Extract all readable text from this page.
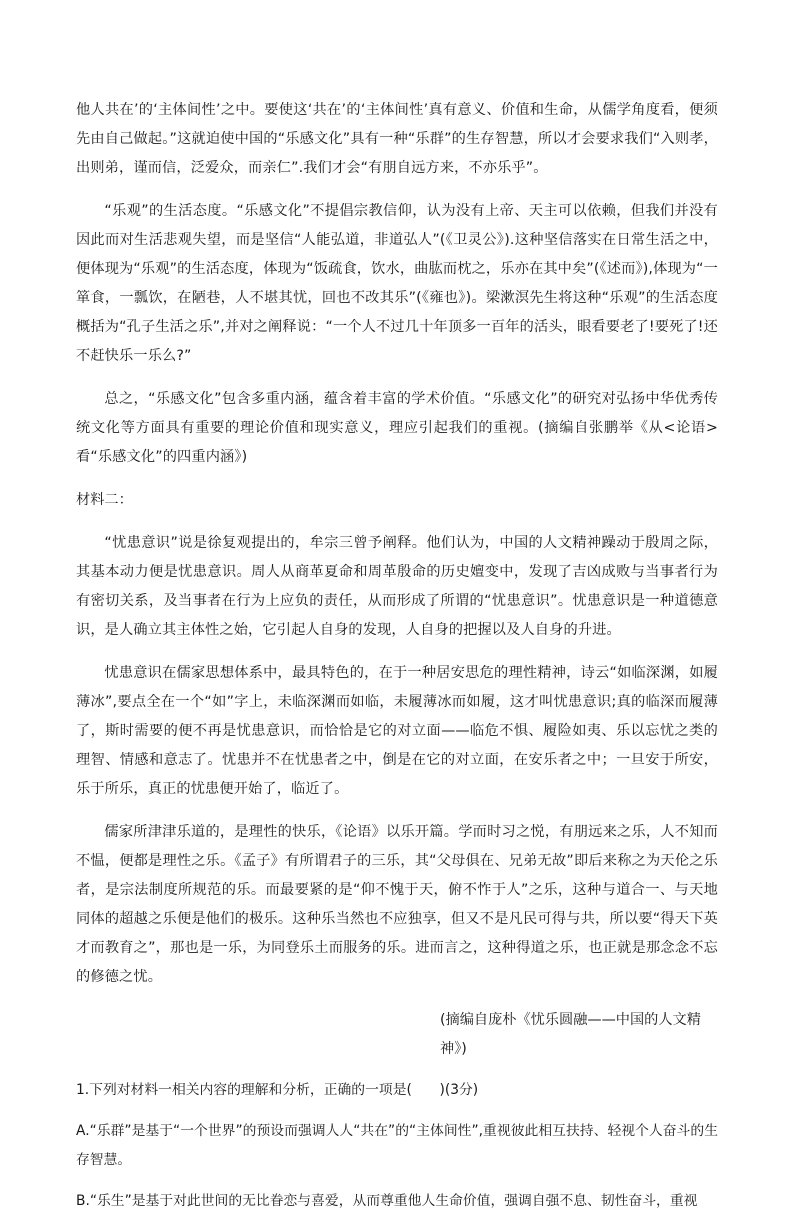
他人共在’的‘主体间性’之中。要使这‘共在’的‘主体间性’真有意义、价值和生命，从儒学角度看，便须先由自己做起。”这就迫使中国的“乐感文化”具有一种“乐群”的生存智慧，所以才会要求我们“入则孝，出则弟，谨而信，泛爱众，而亲仁”.我们才会“有朋自远方来，不亦乐乎”。

“乐观”的生活态度。“乐感文化”不提倡宗教信仰，认为没有上帝、天主可以依赖，但我们并没有因此而对生活悲观失望，而是坚信“人能弘道，非道弘人”(《卫灵公》).这种坚信落实在日常生活之中，便体现为“乐观”的生活态度，体现为“饭疏食，饮水，曲肱而枕之，乐亦在其中矣”(《述而》),体现为“一箪食，一瓢饮，在陋巷，人不堪其忧，回也不改其乐”(《雍也》)。梁漱溟先生将这种“乐观”的生活态度概括为“孔子生活之乐”,并对之阐释说：“一个人不过几十年顶多一百年的活头，眼看要老了!要死了!还不赶快乐一乐么?”

总之，“乐感文化”包含多重内涵，蕴含着丰富的学术价值。“乐感文化”的研究对弘扬中华优秀传统文化等方面具有重要的理论价值和现实意义，理应引起我们的重视。(摘编自张鹏举《从<论语>看“乐感文化”的四重内涵》)

材料二：

“忧患意识”说是徐复观提出的，牟宗三曾予阐释。他们认为，中国的人文精神躁动于殷周之际，其基本动力便是忧患意识。周人从商革夏命和周革殷命的历史嬗变中，发现了吉凶成败与当事者行为有密切关系，及当事者在行为上应负的责任，从而形成了所谓的“忧患意识”。忧患意识是一种道德意识，是人确立其主体性之始，它引起人自身的发现，人自身的把握以及人自身的升进。

忧患意识在儒家思想体系中，最具特色的，在于一种居安思危的理性精神，诗云“如临深渊，如履薄冰”,要点全在一个“如”字上，未临深渊而如临，未履薄冰而如履，这才叫忧患意识;真的临深而履薄了，斯时需要的便不再是忧患意识，而恰恰是它的对立面——临危不惧、履险如夷、乐以忘忧之类的理智、情感和意志了。忧患并不在忧患者之中，倒是在它的对立面，在安乐者之中；一旦安于所安，乐于所乐，真正的忧患便开始了，临近了。

儒家所津津乐道的，是理性的快乐，《论语》以乐开篇。学而时习之悦，有朋远来之乐，人不知而不愠，便都是理性之乐。《孟子》有所谓君子的三乐，其“父母俱在、兄弟无故”即后来称之为天伦之乐者，是宗法制度所规范的乐。而最要紧的是“仰不愧于天，俯不怍于人”之乐，这种与道合一、与天地同体的超越之乐便是他们的极乐。这种乐当然也不应独享，但又不是凡民可得与共，所以要“得天下英才而教育之”，那也是一乐，为同登乐土而服务的乐。进而言之，这种得道之乐，也正就是那念念不忘的修德之忧。

(摘编自庞朴《忧乐圆融——中国的人文精神》)

1.下列对材料一相关内容的理解和分析，正确的一项是(　　)(3分)

A.“乐群”是基于“一个世界”的预设而强调人人“共在”的“主体间性”,重视彼此相互扶持、轻视个人奋斗的生存智慧。

B.“乐生”是基于对此世间的无比眷恋与喜爱，从而尊重他人生命价值，强调自强不息、韧性奋斗，重视
